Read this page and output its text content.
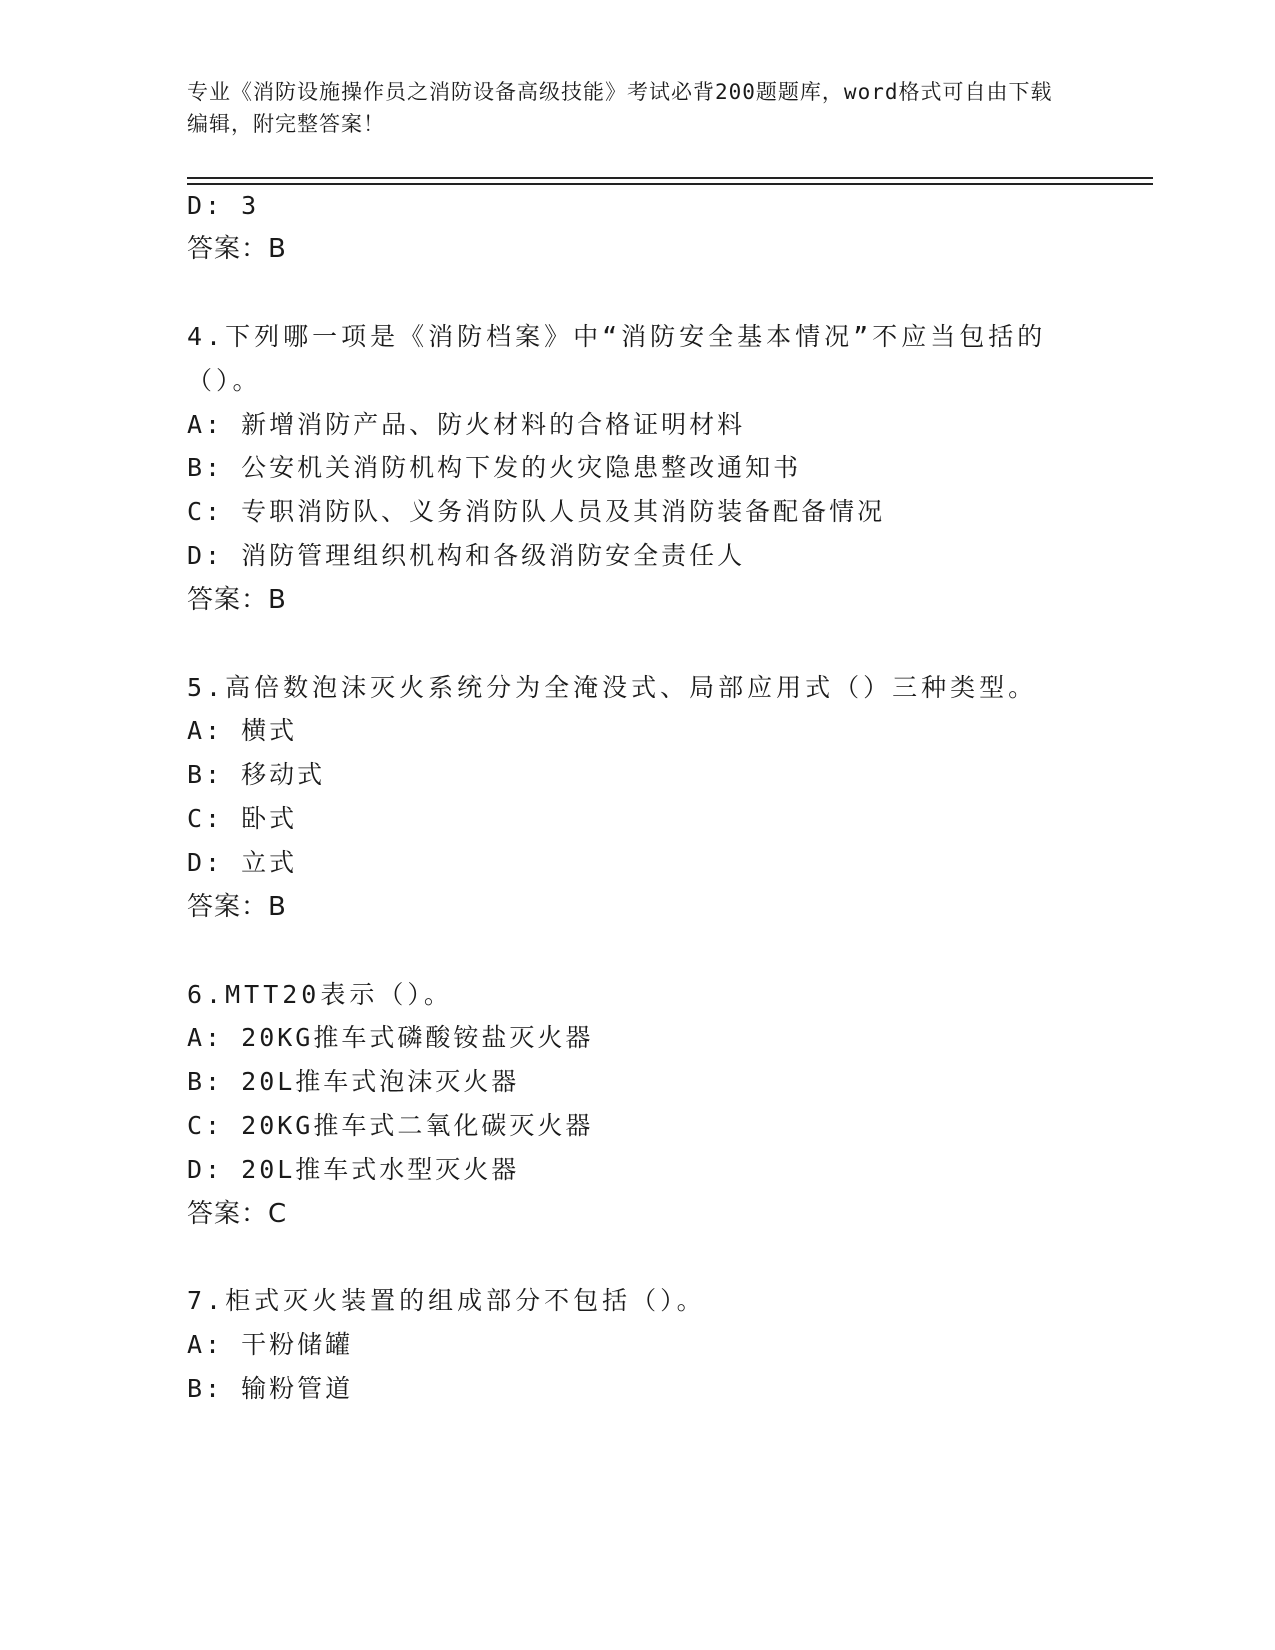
专业《消防设施操作员之消防设备高级技能》考试必背200题题库，word格式可自由下载编辑，附完整答案！
D: 3
答案：B
4.下列哪一项是《消防档案》中“消防安全基本情况”不应当包括的
（）。
A: 新增消防产品、防火材料的合格证明材料
B: 公安机关消防机构下发的火灾隐患整改通知书
C: 专职消防队、义务消防队人员及其消防装备配备情况
D: 消防管理组织机构和各级消防安全责任人
答案：B
5.高倍数泡沫灭火系统分为全淹没式、局部应用式（）三种类型。
A: 横式
B: 移动式
C: 卧式
D: 立式
答案：B
6.MTT20表示（）。
A: 20KG推车式磷酸铵盐灭火器
B: 20L推车式泡沫灭火器
C: 20KG推车式二氧化碳灭火器
D: 20L推车式水型灭火器
答案：C
7.柜式灭火装置的组成部分不包括（）。
A: 干粉储罐
B: 输粉管道
